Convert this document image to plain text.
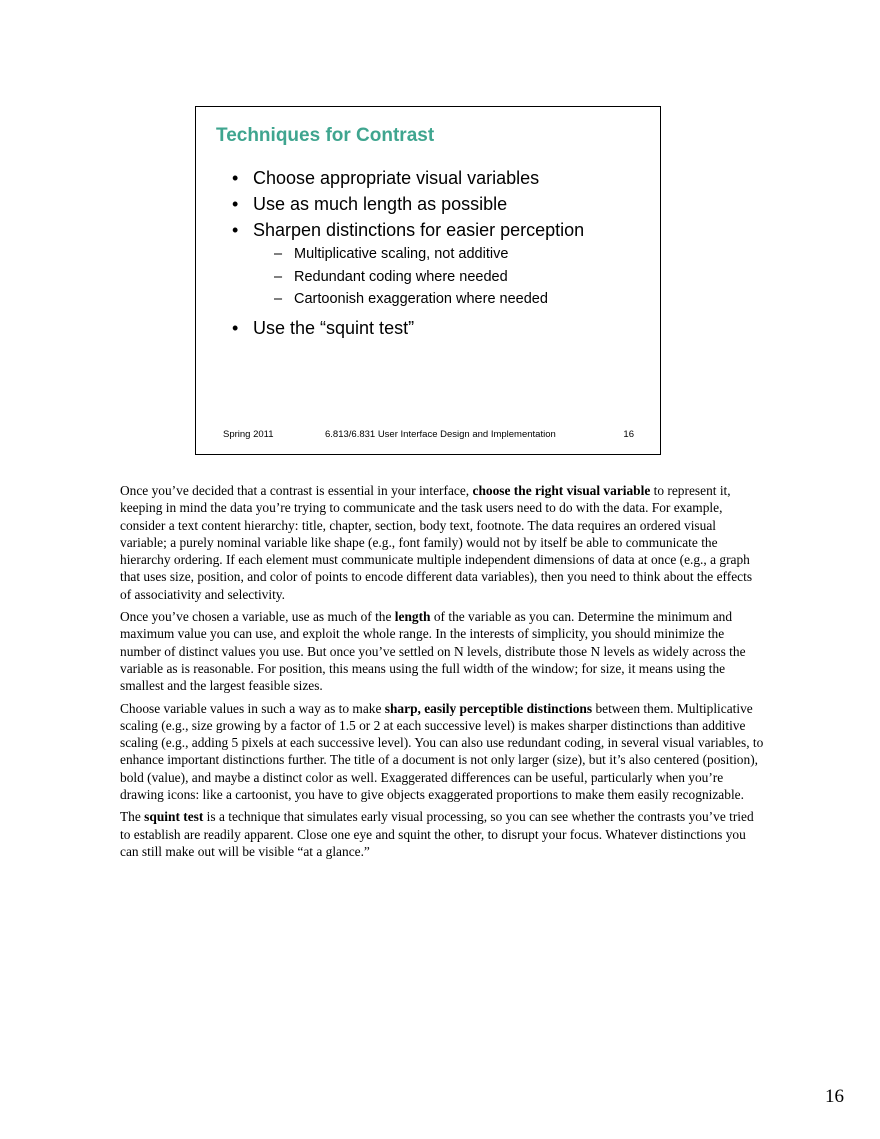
Techniques for Contrast
• Choose appropriate visual variables
• Use as much length as possible
• Sharpen distinctions for easier perception
– Multiplicative scaling, not additive
– Redundant coding where needed
– Cartoonish exaggeration where needed
• Use the “squint test”
Spring 2011	6.813/6.831 User Interface Design and Implementation	16

Once you’ve decided that a contrast is essential in your interface, choose the right visual variable to represent it, keeping in mind the data you’re trying to communicate and the task users need to do with the data. For example, consider a text content hierarchy: title, chapter, section, body text, footnote. The data requires an ordered visual variable; a purely nominal variable like shape (e.g., font family) would not by itself be able to communicate the hierarchy ordering. If each element must communicate multiple independent dimensions of data at once (e.g., a graph that uses size, position, and color of points to encode different data variables), then you need to think about the effects of associativity and selectivity.

Once you’ve chosen a variable, use as much of the length of the variable as you can. Determine the minimum and maximum value you can use, and exploit the whole range. In the interests of simplicity, you should minimize the number of distinct values you use. But once you’ve settled on N levels, distribute those N levels as widely across the variable as is reasonable. For position, this means using the full width of the window; for size, it means using the smallest and the largest feasible sizes.

Choose variable values in such a way as to make sharp, easily perceptible distinctions between them. Multiplicative scaling (e.g., size growing by a factor of 1.5 or 2 at each successive level) is makes sharper distinctions than additive scaling (e.g., adding 5 pixels at each successive level). You can also use redundant coding, in several visual variables, to enhance important distinctions further. The title of a document is not only larger (size), but it’s also centered (position), bold (value), and maybe a distinct color as well. Exaggerated differences can be useful, particularly when you’re drawing icons: like a cartoonist, you have to give objects exaggerated proportions to make them easily recognizable.

The squint test is a technique that simulates early visual processing, so you can see whether the contrasts you’ve tried to establish are readily apparent. Close one eye and squint the other, to disrupt your focus. Whatever distinctions you can still make out will be visible “at a glance.”

16
